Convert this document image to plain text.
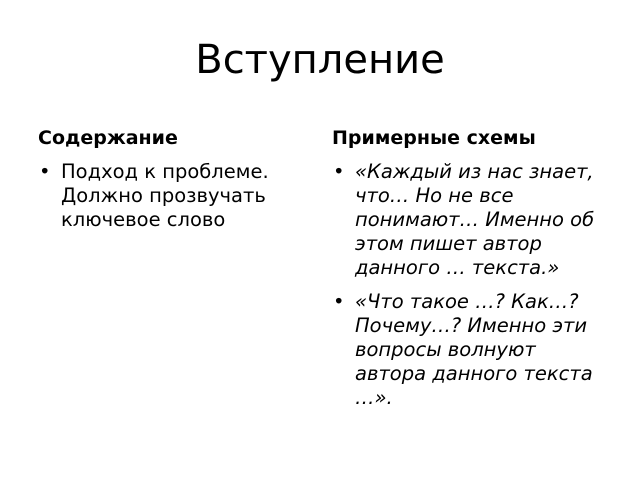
Вступление
Содержание
• Подход к проблеме. Должно прозвучать ключевое слово
Примерные схемы
• «Каждый из нас знает, что… Но не все понимают… Именно об этом пишет автор данного … текста.»
• «Что такое …? Как…? Почему…? Именно эти вопросы волнуют автора данного текста …».
